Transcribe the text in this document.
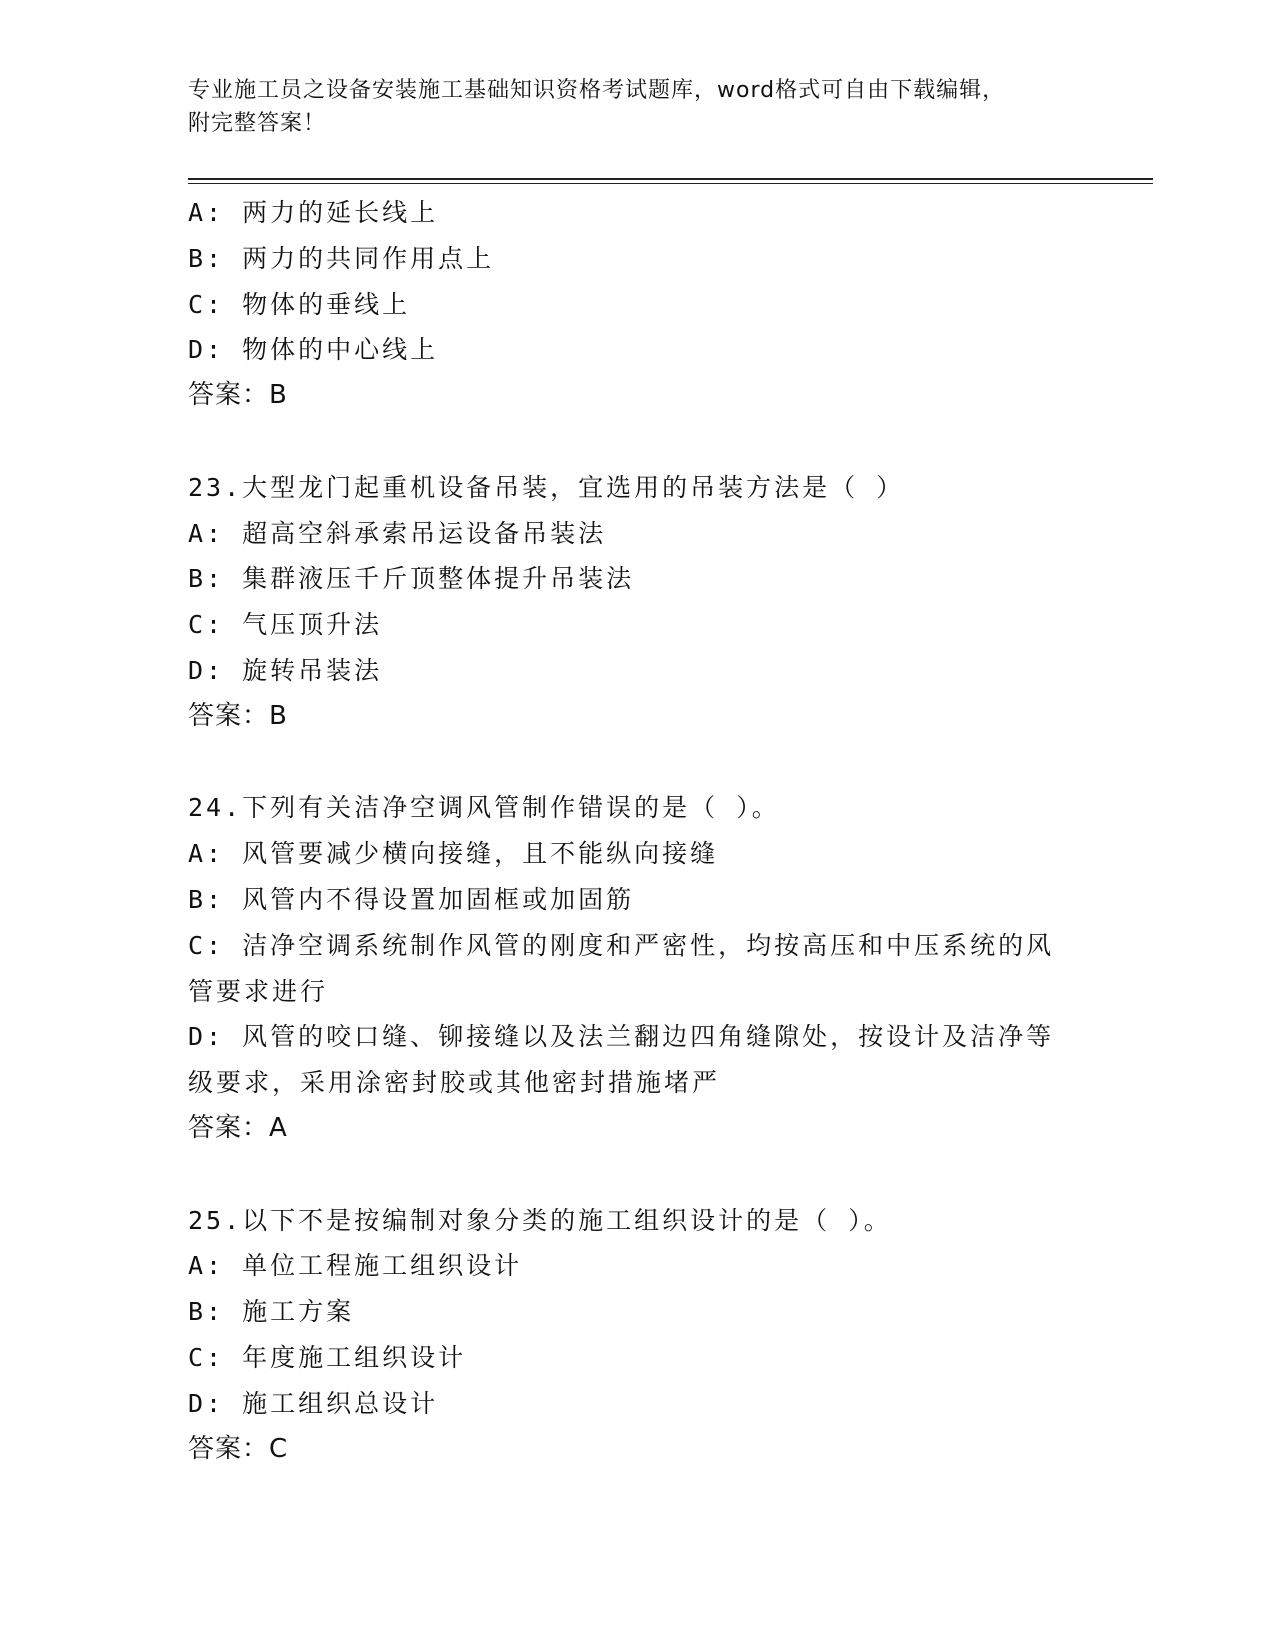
专业施工员之设备安装施工基础知识资格考试题库，word格式可自由下载编辑，
附完整答案！
A: 两力的延长线上
B: 两力的共同作用点上
C: 物体的垂线上
D: 物体的中心线上
答案：B
23.大型龙门起重机设备吊装，宜选用的吊装方法是（ ）
A: 超高空斜承索吊运设备吊装法
B: 集群液压千斤顶整体提升吊装法
C: 气压顶升法
D: 旋转吊装法
答案：B
24.下列有关洁净空调风管制作错误的是（ ）。
A: 风管要减少横向接缝，且不能纵向接缝
B: 风管内不得设置加固框或加固筋
C: 洁净空调系统制作风管的刚度和严密性，均按高压和中压系统的风管要求进行
D: 风管的咬口缝、铆接缝以及法兰翻边四角缝隙处，按设计及洁净等级要求，采用涂密封胶或其他密封措施堵严
答案：A
25.以下不是按编制对象分类的施工组织设计的是（ ）。
A: 单位工程施工组织设计
B: 施工方案
C: 年度施工组织设计
D: 施工组织总设计
答案：C
